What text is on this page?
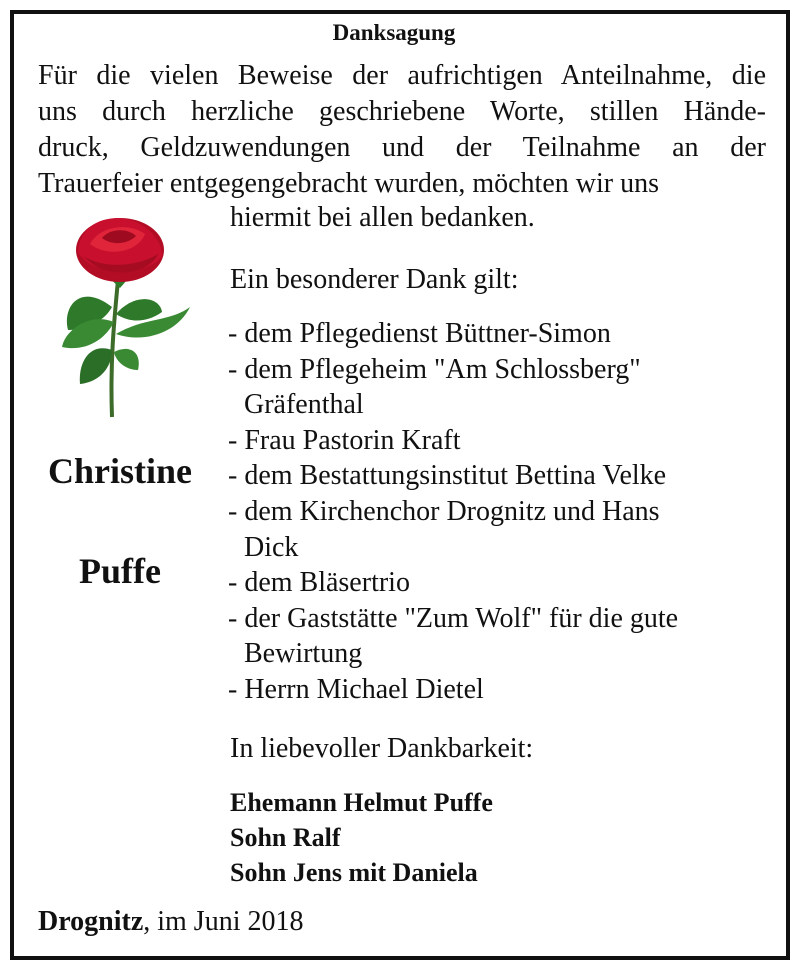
Danksagung
Für die vielen Beweise der aufrichtigen Anteilnahme, die
uns durch herzliche geschriebene Worte, stillen Hände-
druck, Geldzuwendungen und der Teilnahme an der
Trauerfeier entgegengebracht wurden, möchten wir uns
hiermit bei allen bedanken.
Ein besonderer Dank gilt:
- dem Pflegedienst Büttner-Simon
- dem Pflegeheim "Am Schlossberg"
Gräfenthal
- Frau Pastorin Kraft
- dem Bestattungsinstitut Bettina Velke
- dem Kirchenchor Drognitz und Hans
Dick
- dem Bläsertrio
- der Gaststätte "Zum Wolf" für die gute
Bewirtung
- Herrn Michael Dietel
Christine
Puffe
In liebevoller Dankbarkeit:
Ehemann Helmut Puffe
Sohn Ralf
Sohn Jens mit Daniela
Drognitz, im Juni 2018
